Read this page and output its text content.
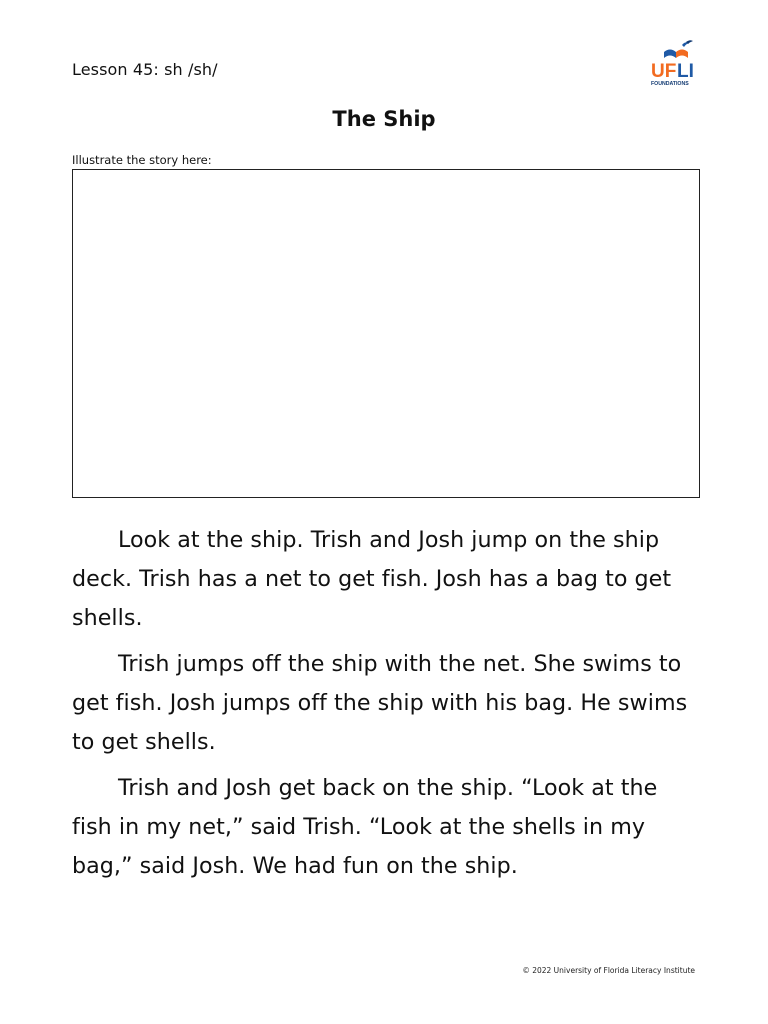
Lesson 45: sh /sh/	UF LI
FOUNDATIONS
The Ship
Illustrate the story here:

Look at the ship. Trish and Josh jump on the ship deck. Trish has a net to get fish. Josh has a bag to get shells.

Trish jumps off the ship with the net. She swims to get fish. Josh jumps off the ship with his bag. He swims to get shells.

Trish and Josh get back on the ship. “Look at the fish in my net,” said Trish. “Look at the shells in my bag,” said Josh. We had fun on the ship.

© 2022 University of Florida Literacy Institute
